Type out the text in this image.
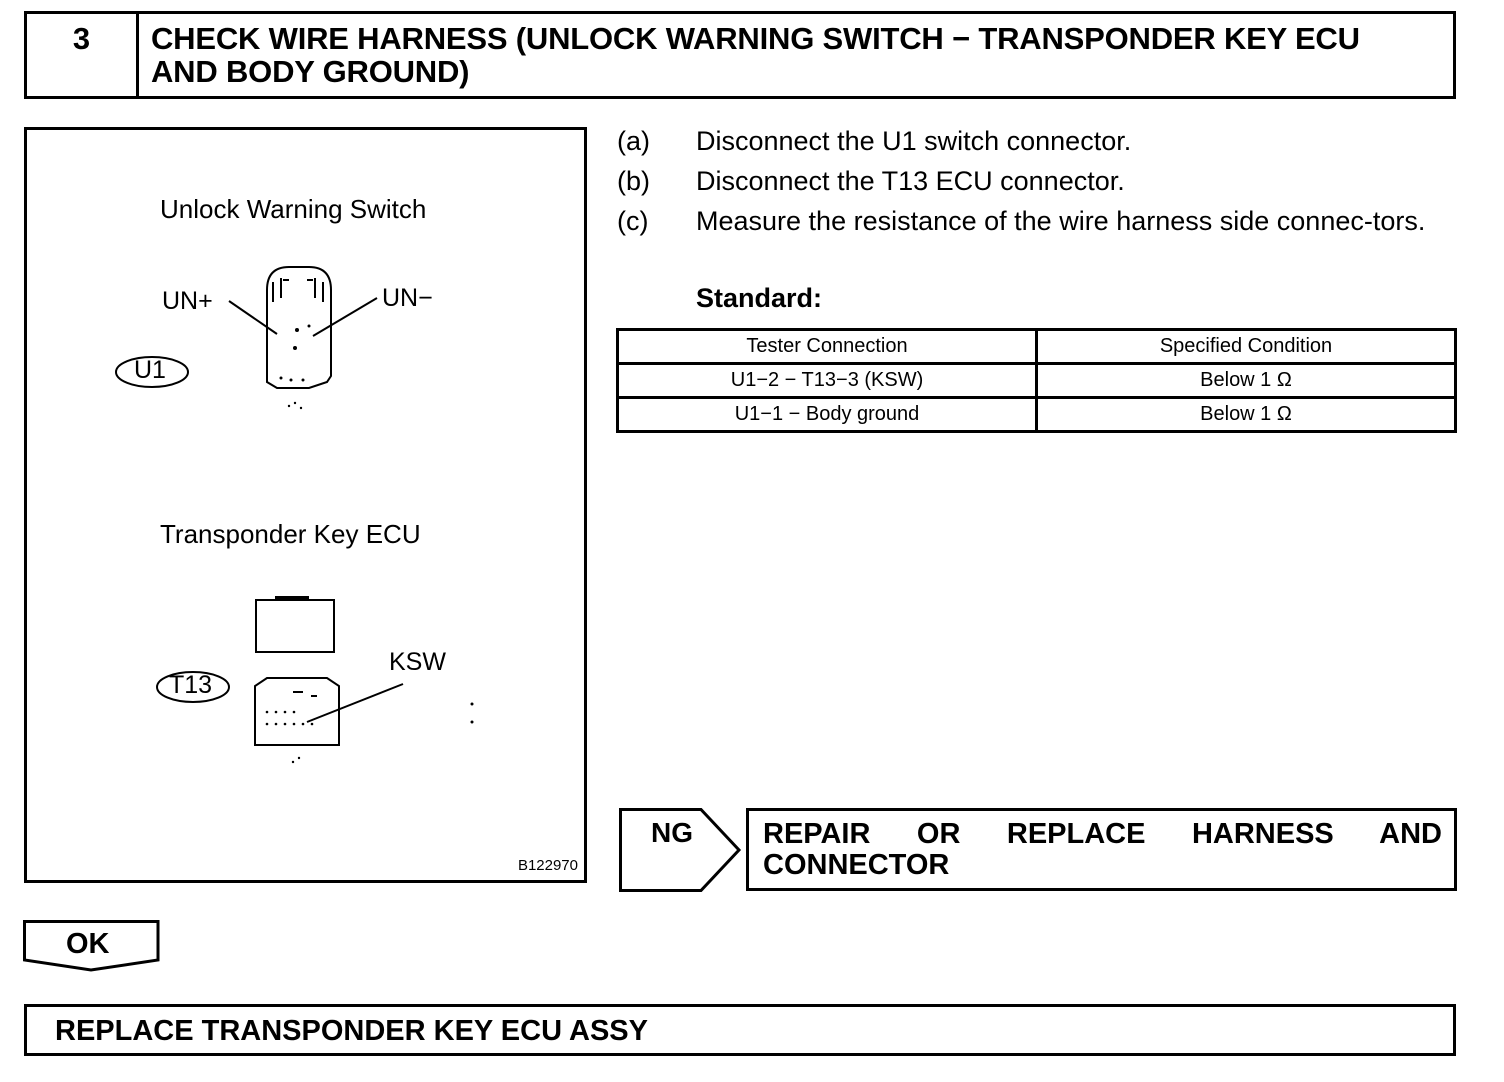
3	CHECK WIRE HARNESS (UNLOCK WARNING SWITCH − TRANSPONDER KEY ECU AND BODY GROUND)
Unlock Warning Switch
UN+	UN−
U1
Transponder Key ECU
T13
KSW
B122970
(a) Disconnect the U1 switch connector.
(b) Disconnect the T13 ECU connector.
(c) Measure the resistance of the wire harness side connec-tors.
Standard:
Tester Connection	Specified Condition
U1−2 − T13−3 (KSW)	Below 1 Ω
U1−1 − Body ground	Below 1 Ω
NG REPAIR OR REPLACE HARNESS AND CONNECTOR
OK
REPLACE TRANSPONDER KEY ECU ASSY
